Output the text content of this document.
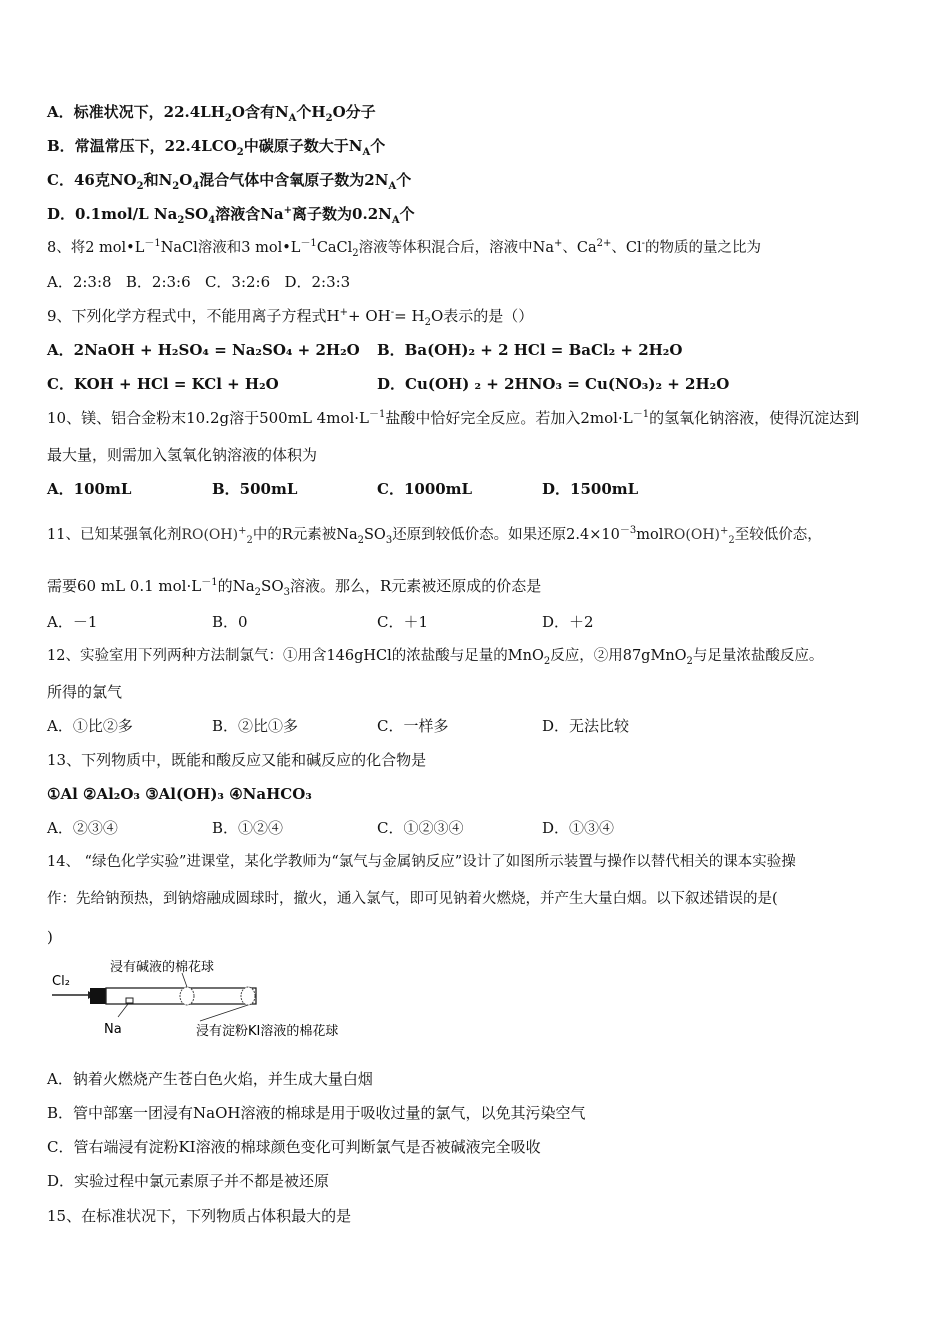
A．标准状况下，$22.4LH_2O$含有$N_A$个$H_2O$分子
B．常温常压下，$22.4LCO_2$中碳原子数大于$N_A$个
C．46克$NO_2$和$N_2O_4$混合气体中含氧原子数为$2N_A$个
D．0.1mol/L $Na_2SO_4$溶液含Na+离子数为$0.2N_A$个
8、将2 $mol•L^{-1}NaCl$溶液和3 $mol•L^{-1}CaCl_2$溶液等体积混合后，溶液中Na+、$Ca^{2+}$、Cl-的物质的量之比为
A．2:3:8   B．2:3:6   C．3:2:6   D．2:3:3
9、下列化学方程式中，不能用离子方程式$H^++ OH^-= H_2O$表示的是（）
A．2NaOH + H₂SO₄ = Na₂SO₄ + 2H₂O B．Ba(OH)₂ + 2 HCl = BaCl₂ + 2H₂O
C．KOH + HCl = KCl + H₂O	D．Cu(OH) ₂ + 2HNO₃ = Cu(NO₃)₂ + 2H₂O
10、镁、铝合金粉末10.2g溶于500mL $4mol\cdot L^{-1}$盐酸中恰好完全反应。若加入$2mol\cdot L^{-1}$的氢氧化钠溶液，使得沉淀达到
最大量，则需加入氢氧化钠溶液的体积为
A．100mL	B．500mL	C．1000mL	D．1500mL
11、已知某强氧化剂$RO(OH)^+_2$中的R元素被$Na_2SO_3$还原到较低价态。如果还原$2.4\times 10^{-3}molRO(OH)^+_2$至较低价态，
需要60 mL 0.1 $mol\cdot L^{-1}$的$Na_2SO_3$溶液。那么，R元素被还原成的价态是
A．－1	B．0	C．＋1	D．＋2
12、实验室用下列两种方法制氯气：①用含146gHCl的浓盐酸与足量的MnO$_2$反应，②用87gMnO$_2$与足量浓盐酸反应。
所得的氯气
A．①比②多	B．②比①多	C．一样多	D．无法比较
13、下列物质中，既能和酸反应又能和碱反应的化合物是
①Al ②Al₂O₃ ③Al(OH)₃ ④NaHCO₃
A．②③④	B．①②④	C．①②③④	D．①③④
14、 “绿色化学实验”进课堂，某化学教师为“氯气与金属钠反应”设计了如图所示装置与操作以替代相关的课本实验操
作：先给钠预热，到钠熔融成圆球时，撤火，通入氯气，即可见钠着火燃烧，并产生大量白烟。以下叙述错误的是(
)
Cl₂
浸有碱液的棉花球
Na	浸有淀粉KI溶液的棉花球
A．钠着火燃烧产生苍白色火焰，并生成大量白烟
B．管中部塞一团浸有NaOH溶液的棉球是用于吸收过量的氯气，以免其污染空气
C．管右端浸有淀粉KI溶液的棉球颜色变化可判断氯气是否被碱液完全吸收
D．实验过程中氯元素原子并不都是被还原
15、在标准状况下，下列物质占体积最大的是
